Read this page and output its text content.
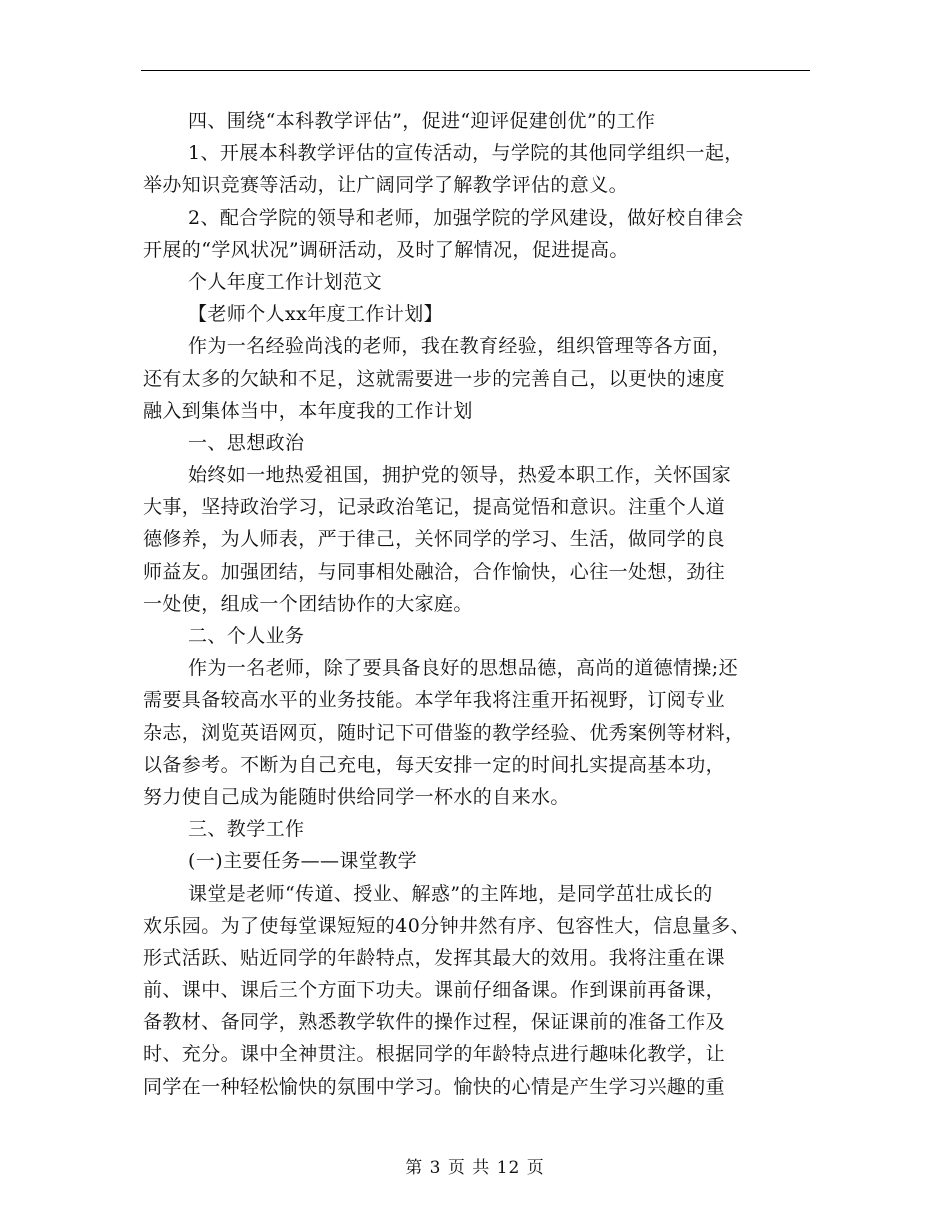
四、围绕“本科教学评估”，促进“迎评促建创优”的工作
1、开展本科教学评估的宣传活动，与学院的其他同学组织一起，
举办知识竞赛等活动，让广阔同学了解教学评估的意义。
2、配合学院的领导和老师，加强学院的学风建设，做好校自律会
开展的“学风状况”调研活动，及时了解情况，促进提高。
个人年度工作计划范文
【老师个人xx年度工作计划】
作为一名经验尚浅的老师，我在教育经验，组织管理等各方面，
还有太多的欠缺和不足，这就需要进一步的完善自己，以更快的速度
融入到集体当中，本年度我的工作计划
一、思想政治
始终如一地热爱祖国，拥护党的领导，热爱本职工作，关怀国家
大事，坚持政治学习，记录政治笔记，提高觉悟和意识。注重个人道
德修养，为人师表，严于律己，关怀同学的学习、生活，做同学的良
师益友。加强团结，与同事相处融洽，合作愉快，心往一处想，劲往
一处使，组成一个团结协作的大家庭。
二、个人业务
作为一名老师，除了要具备良好的思想品德，高尚的道德情操;还
需要具备较高水平的业务技能。本学年我将注重开拓视野，订阅专业
杂志，浏览英语网页，随时记下可借鉴的教学经验、优秀案例等材料，
以备参考。不断为自己充电，每天安排一定的时间扎实提高基本功，
努力使自己成为能随时供给同学一杯水的自来水。
三、教学工作
(一)主要任务——课堂教学
课堂是老师“传道、授业、解惑”的主阵地，是同学茁壮成长的
欢乐园。为了使每堂课短短的40分钟井然有序、包容性大，信息量多、
形式活跃、贴近同学的年龄特点，发挥其最大的效用。我将注重在课
前、课中、课后三个方面下功夫。课前仔细备课。作到课前再备课，
备教材、备同学，熟悉教学软件的操作过程，保证课前的准备工作及
时、充分。课中全神贯注。根据同学的年龄特点进行趣味化教学，让
同学在一种轻松愉快的氛围中学习。愉快的心情是产生学习兴趣的重
第 3 页 共 12 页
